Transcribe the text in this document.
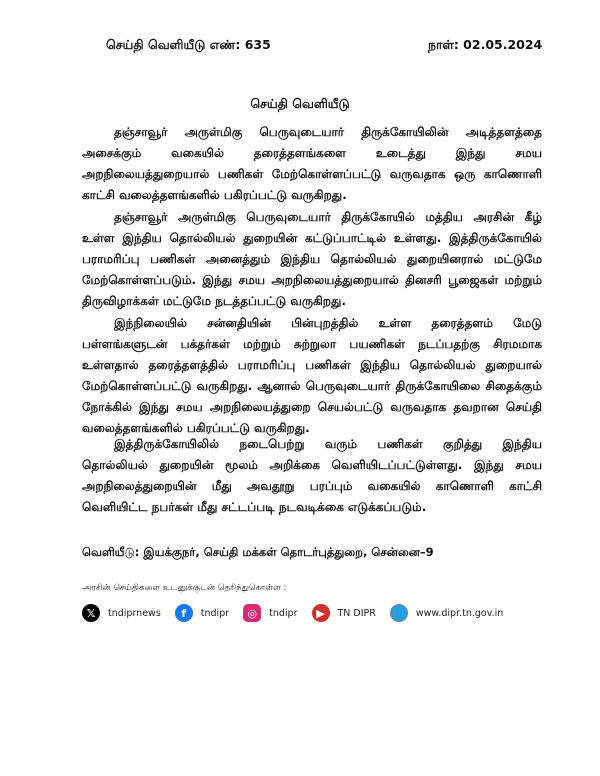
செய்தி வெளியீடு எண்: 635	நாள்: 02.05.2024
செய்தி வெளியீடு
தஞ்சாவூர் அருள்மிகு பெருவுடையார் திருக்கோயிலின் அடித்தளத்தை
அசைக்கும் வகையில் தரைத்தளங்களை உடைத்து இந்து சமய
அறநிலையத்துறையால் பணிகள் மேற்கொள்ளப்பட்டு வருவதாக ஒரு காணொளி
காட்சி வலைத்தளங்களில் பகிரப்பட்டு வருகிறது.
தஞ்சாவூர் அருள்மிகு பெருவுடையார் திருக்கோயில் மத்திய அரசின் கீழ்
உள்ள இந்திய தொல்லியல் துறையின் கட்டுப்பாட்டில் உள்ளது. இத்திருக்கோயில்
பராமரிப்பு பணிகள் அனைத்தும் இந்திய தொல்லியல் துறையினரால் மட்டுமே
மேற்கொள்ளப்படும். இந்து சமய அறநிலையத்துறையால் தினசரி பூஜைகள் மற்றும்
திருவிழாக்கள் மட்டுமே நடத்தப்பட்டு வருகிறது.
இந்நிலையில் சன்னதியின் பின்புறத்தில் உள்ள தரைத்தளம் மேடு
பள்ளங்களுடன் பக்தர்கள் மற்றும் சுற்றுலா பயணிகள் நடப்பதற்கு சிரமமாக
உள்ளதால் தரைத்தளத்தில் பராமரிப்பு பணிகள் இந்திய தொல்லியல் துறையால்
மேற்கொள்ளப்பட்டு வருகிறது. ஆனால் பெருவுடையார் திருக்கோயிலை சிதைக்கும்
நோக்கில் இந்து சமய அறநிலையத்துறை செயல்பட்டு வருவதாக தவறான செய்தி
வலைத்தளங்களில் பகிரப்பட்டு வருகிறது.
இத்திருக்கோயிலில் நடைபெற்று வரும் பணிகள் குறித்து இந்திய
தொல்லியல் துறையின் மூலம் அறிக்கை வெளியிடப்பட்டுள்ளது. இந்து சமய
அறநிலைத்துறையின் மீது அவதூறு பரப்பும் வகையில் காணொளி காட்சி
வெளியிட்ட நபர்கள் மீது சட்டப்படி நடவடிக்கை எடுக்கப்படும்.
வெளியீடு: இயக்குநர், செய்தி மக்கள் தொடர்புத்துறை, சென்னை–9
அரசின் செய்திகளை உடனுக்குடன் தெரிந்துகொள்ள :
𝕏	tndiprnews	f	tndipr	◎	tndipr	▶	TN DIPR 🌐 www.dipr.tn.gov.in
